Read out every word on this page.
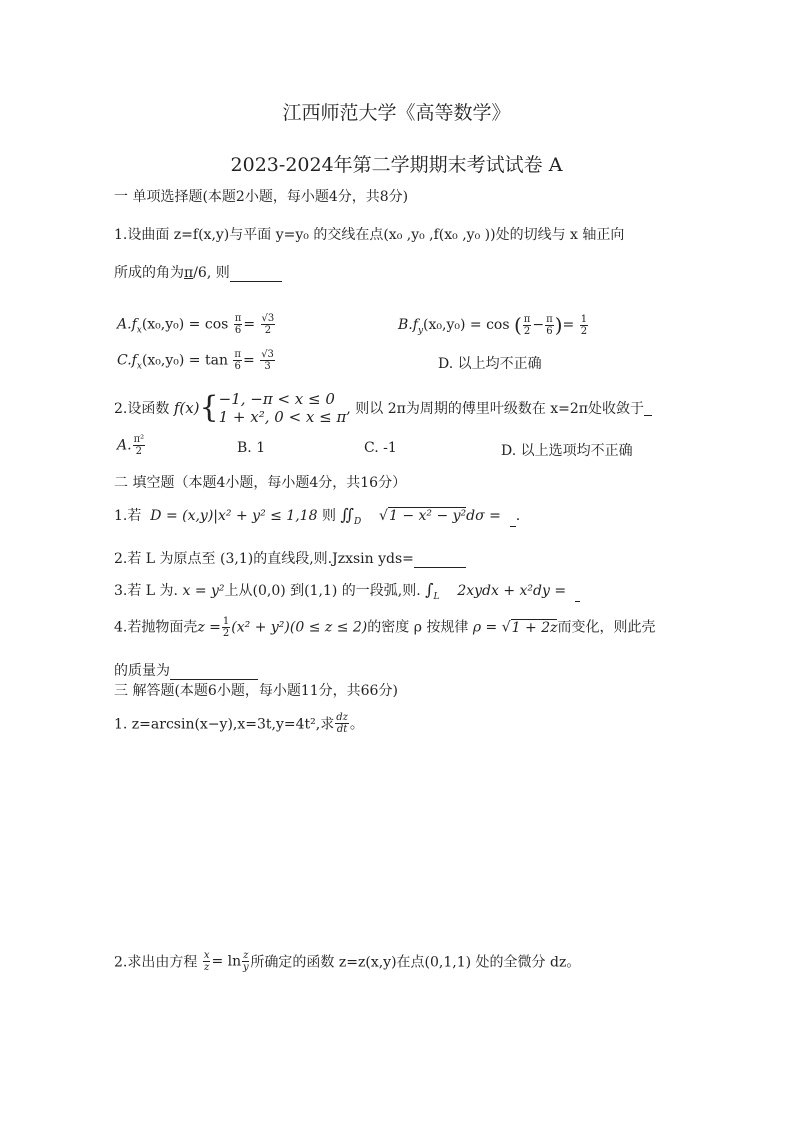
江西师范大学《高等数学》
2023-2024年第二学期期末考试试卷 A
一 单项选择题(本题2小题，每小题4分，共8分)
1.设曲面 z=f(x,y)与平面 y=y₀ 的交线在点(x₀ ,y₀ ,f(x₀ ,y₀ ))处的切线与 x 轴正向
所成的角为π/6, 则
$A.f_x(x_0,y_0) = \cos \frac{\pi}{6} = \frac{√3}{2}$	$B.f_y(x_0,y_0) = \cos$ ( $\frac{\pi}{2} - \frac{\pi}{6}$ )= $\frac{1}{2}$
$C.f_x(x_0,y_0) = \tan \frac{\pi}{6} = \frac{√3}{3}$	D. 以上均不正确
2.设函数 f(x){ −1, −π < x ≤ 0
1 + x², 0 < x ≤ π , 则以 2π为周期的傅里叶级数在 x=2π处收敛于
A. $\frac{\text{π²}}{2}$	B. 1	C. -1	D. 以上选项均不正确
二 填空题（本题4小题，每小题4分，共16分）
1.若 D = (x,y)|x² + y² ≤ 1,18 则 $∬_D$    √1 − x² − y²dσ = .
2.若 L 为原点至 (3,1)的直线段,则.Jzxsin yds=
3.若 L 为. x = y²上从(0,0) 到(1,1) 的一段弧,则. $\int_L$ 2xydx + x²dy =
4.若抛物面壳$z = \frac{1}{2} (x^2 + y^2)(0 \le z \le 2)$的密度 ρ 按规律 ρ = √1 + 2z而变化，则此壳
的质量为
三 解答题(本题6小题，每小题11分，共66分)
1. z=arcsin(x−y),x=3t,y=4t²,求 $\frac{dz}{dt}$ 。
2.求出由方程 $\frac{x}{z} = \ln \frac{z}{y}$ 所确定的函数 z=z(x,y)在点(0,1,1) 处的全微分 dz。
